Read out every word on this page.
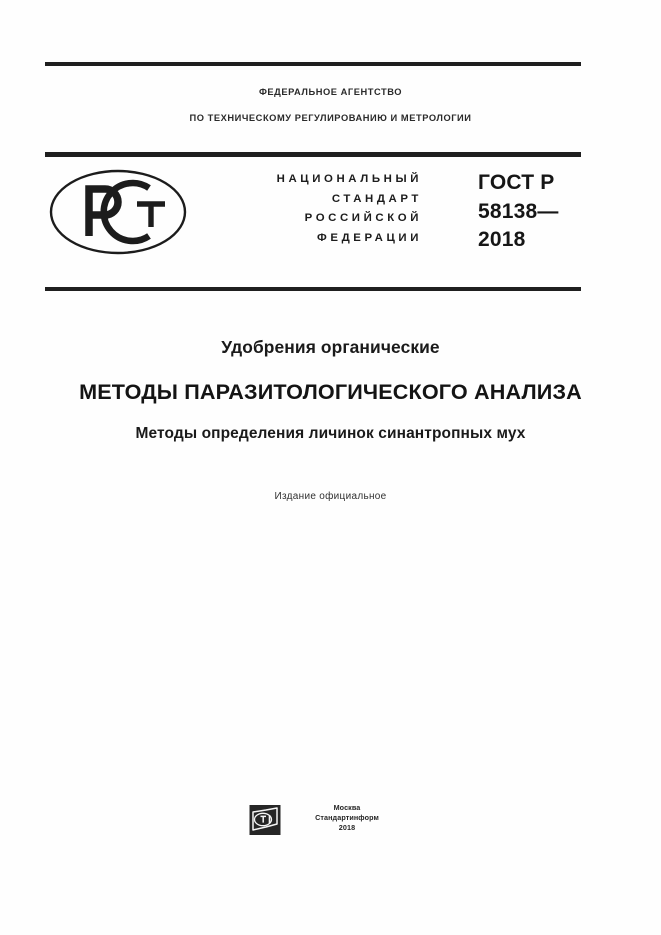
ФЕДЕРАЛЬНОЕ АГЕНТСТВО
ПО ТЕХНИЧЕСКОМУ РЕГУЛИРОВАНИЮ И МЕТРОЛОГИИ
НАЦИОНАЛЬНЫЙ
СТАНДАРТ
РОССИЙСКОЙ
ФЕДЕРАЦИИ
ГОСТ Р
58138—
2018
Удобрения органические
МЕТОДЫ ПАРАЗИТОЛОГИЧЕСКОГО АНАЛИЗА
Методы определения личинок синантропных мух
Издание официальное
Москва
Стандартинформ
2018
